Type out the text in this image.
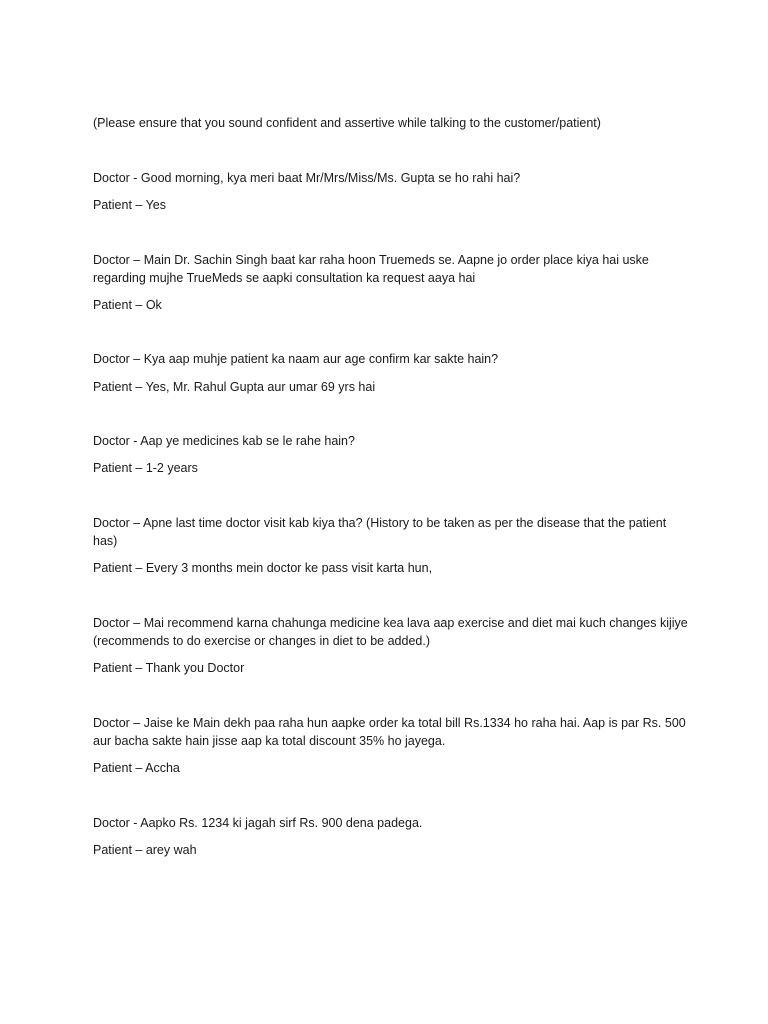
(Please ensure that you sound confident and assertive while talking to the customer/patient)

Doctor - Good morning, kya meri baat Mr/Mrs/Miss/Ms. Gupta se ho rahi hai?

Patient – Yes

Doctor – Main Dr. Sachin Singh baat kar raha hoon Truemeds se. Aapne jo order place kiya hai uske regarding mujhe TrueMeds se aapki consultation ka request aaya hai

Patient – Ok

Doctor – Kya aap muhje patient ka naam aur age confirm kar sakte hain?

Patient – Yes, Mr. Rahul Gupta aur umar 69 yrs hai

Doctor - Aap ye medicines kab se le rahe hain?

Patient – 1-2 years

Doctor – Apne last time doctor visit kab kiya tha? (History to be taken as per the disease that the patient has)

Patient – Every 3 months mein doctor ke pass visit karta hun,

Doctor – Mai recommend karna chahunga medicine kea lava aap exercise and diet mai kuch changes kijiye (recommends to do exercise or changes in diet to be added.)

Patient – Thank you Doctor

Doctor – Jaise ke Main dekh paa raha hun aapke order ka total bill Rs.1334 ho raha hai. Aap is par Rs. 500 aur bacha sakte hain jisse aap ka total discount 35% ho jayega.

Patient – Accha

Doctor - Aapko Rs. 1234 ki jagah sirf Rs. 900 dena padega.

Patient – arey wah
